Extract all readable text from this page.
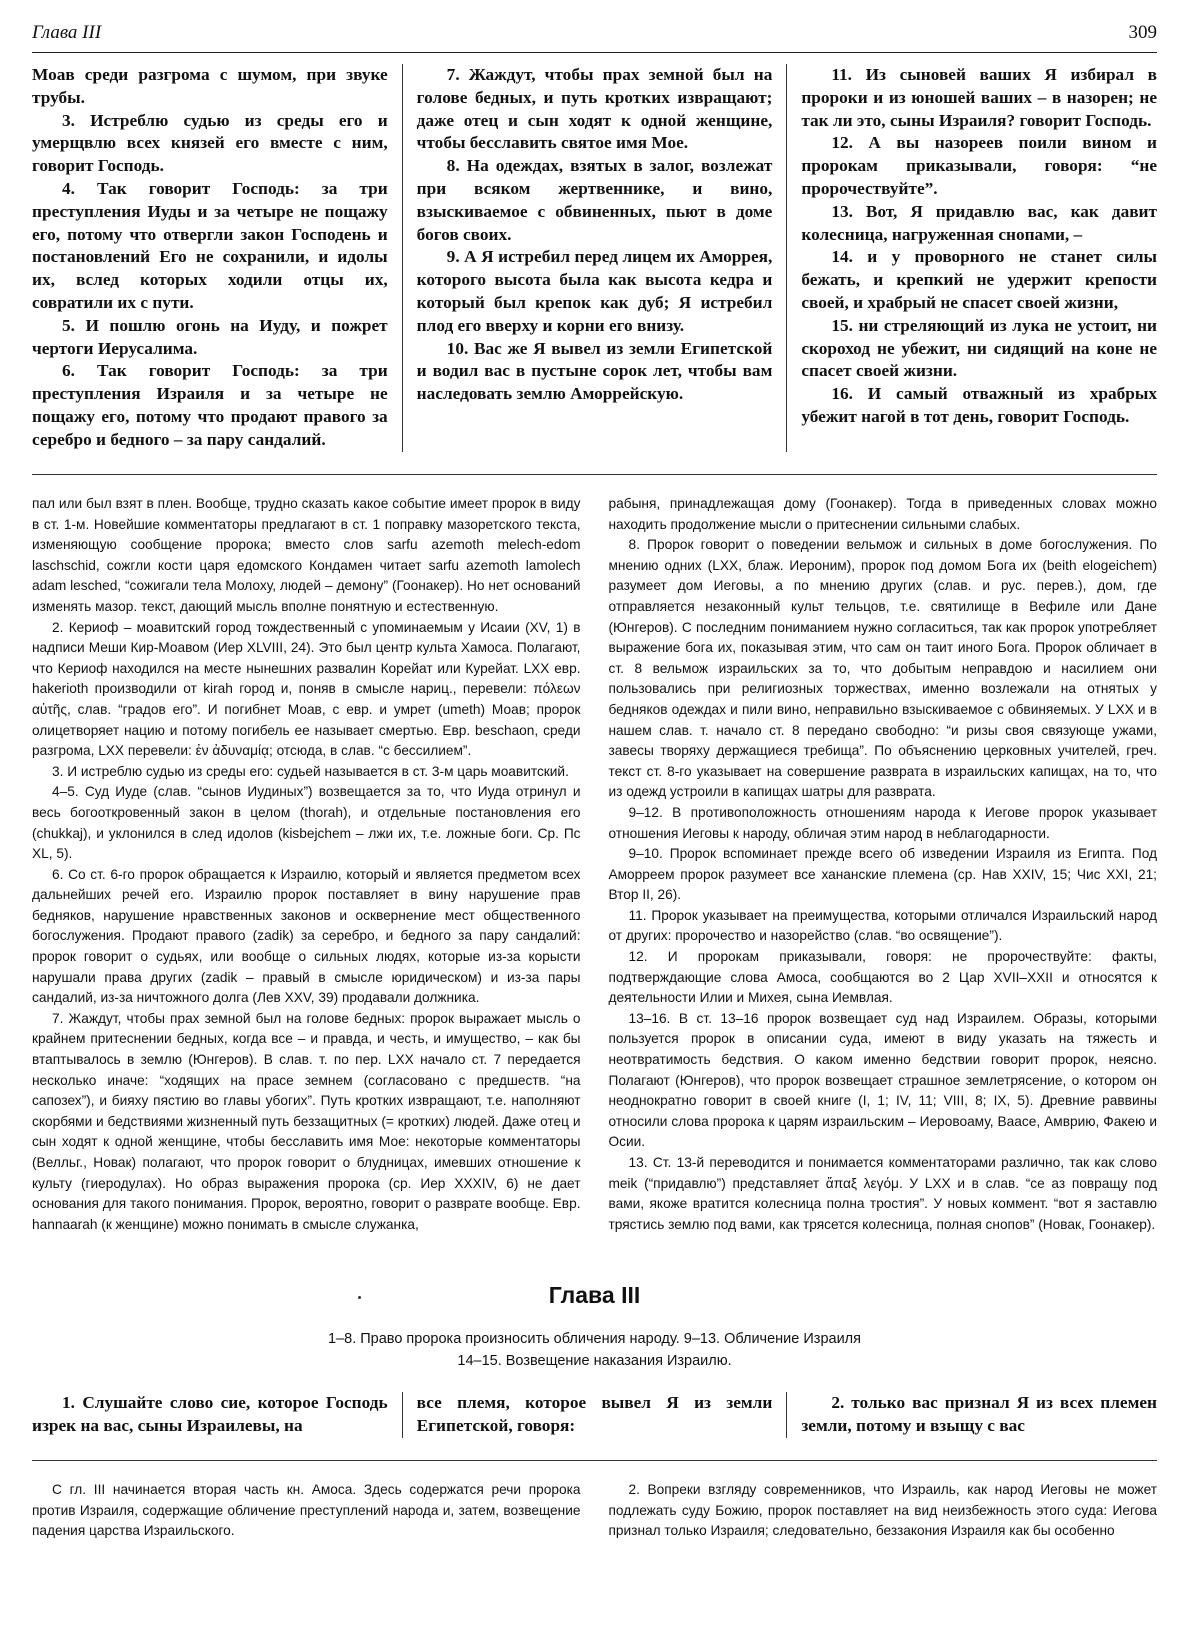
Глава III	309

Моав среди разгрома с шумом, при звуке трубы.

3. Истреблю судью из среды его и умерщвлю всех князей его вместе с ним, говорит Господь.

4. Так говорит Господь: за три преступления Иуды и за четыре не пощажу его, потому что отвергли закон Господень и постановлений Его не сохранили, и идолы их, вслед которых ходили отцы их, совратили их с пути.

5. И пошлю огонь на Иуду, и пожрет чертоги Иерусалима.

6. Так говорит Господь: за три преступления Израиля и за четыре не пощажу его, потому что продают правого за серебро и бедного – за пару сандалий.

7. Жаждут, чтобы прах земной был на голове бедных, и путь кротких извращают; даже отец и сын ходят к одной женщине, чтобы бесславить святое имя Мое.

8. На одеждах, взятых в залог, возлежат при всяком жертвеннике, и вино, взыскиваемое с обвиненных, пьют в доме богов своих.

9. А Я истребил перед лицем их Аморрея, которого высота была как высота кедра и который был крепок как дуб; Я истребил плод его вверху и корни его внизу.

10. Вас же Я вывел из земли Египетской и водил вас в пустыне сорок лет, чтобы вам наследовать землю Аморрейскую.

11. Из сыновей ваших Я избирал в пророки и из юношей ваших – в назорен; не так ли это, сыны Израиля? говорит Господь.

12. А вы назореев поили вином и пророкам приказывали, говоря: “не пророчествуйте”.

13. Вот, Я придавлю вас, как давит колесница, нагруженная снопами, –

14. и у проворного не станет силы бежать, и крепкий не удержит крепости своей, и храбрый не спасет своей жизни,

15. ни стреляющий из лука не устоит, ни скороход не убежит, ни сидящий на коне не спасет своей жизни.

16. И самый отважный из храбрых убежит нагой в тот день, говорит Господь.

пал или был взят в плен. Вообще, трудно сказать какое событие имеет пророк в виду в ст. 1-м. Новейшие комментаторы предлагают в ст. 1 поправку мазоретского текста, изменяющую сообщение пророка; вместо слов sarfu azemoth melech-edom laschschid, сожгли кости царя едомского Кондамен читает sarfu azemoth lamolech adam lesched, “сожигали тела Молоху, людей – демону” (Гоонакер). Но нет оснований изменять мазор. текст, дающий мысль вполне понятную и естественную.

2. Кериоф – моавитский город тождественный с упоминаемым у Исаии (XV, 1) в надписи Меши Кир-Моавом (Иер XLVIII, 24). Это был центр культа Хамоса. Полагают, что Кериоф находился на месте нынешних развалин Корейат или Курейат. LXX евр. hakerioth производили от kirah город и, поняв в смысле нариц., перевели: πόλεων αὐτῆς, слав. “градов его”. И погибнет Моав, с евр. и умрет (umeth) Моав; пророк олицетворяет нацию и потому погибель ее называет смертью. Евр. beschaon, среди разгрома, LXX перевели: ἐν ἀδυναμίᾳ; отсюда, в слав. “с бессилием”.

3. И истреблю судью из среды его: судьей называется в ст. 3-м царь моавитский.

4–5. Суд Иуде (слав. “сынов Иудиных”) возвещается за то, что Иуда отринул и весь богооткровенный закон в целом (thorah), и отдельные постановления его (chukkaj), и уклонился в след идолов (kisbejchem – лжи их, т.е. ложные боги. Ср. Пс XL, 5).

6. Со ст. 6-го пророк обращается к Израилю, который и является предметом всех дальнейших речей его. Израилю пророк поставляет в вину нарушение прав бедняков, нарушение нравственных законов и осквернение мест общественного богослужения. Продают правого (zadik) за серебро, и бедного за пару сандалий: пророк говорит о судьях, или вообще о сильных людях, которые из-за корысти нарушали права других (zadik – правый в смысле юридическом) и из-за пары сандалий, из-за ничтожного долга (Лев XXV, 39) продавали должника.

7. Жаждут, чтобы прах земной был на голове бедных: пророк выражает мысль о крайнем притеснении бедных, когда все – и правда, и честь, и имущество, – как бы втаптывалось в землю (Юнгеров). В слав. т. по пер. LXX начало ст. 7 передается несколько иначе: “ходящих на прасе земнем (согласовано с предшеств. “на сапозех”), и бияху пястию во главы убогих”. Путь кротких извращают, т.е. наполняют скорбями и бедствиями жизненный путь беззащитных (= кротких) людей. Даже отец и сын ходят к одной женщине, чтобы бесславить имя Мое: некоторые комментаторы (Велльг., Новак) полагают, что пророк говорит о блудницах, имевших отношение к культу (гиеродулах). Но образ выражения пророка (ср. Иер XXXIV, 6) не дает основания для такого понимания. Пророк, вероятно, говорит о разврате вообще. Евр. hannaarah (к женщине) можно понимать в смысле служанка,

рабыня, принадлежащая дому (Гоонакер). Тогда в приведенных словах можно находить продолжение мысли о притеснении сильными слабых.

8. Пророк говорит о поведении вельмож и сильных в доме богослужения. По мнению одних (LXX, блаж. Иероним), пророк под домом Бога их (beith elogeichem) разумеет дом Иеговы, а по мнению других (слав. и рус. перев.), дом, где отправляется незаконный культ тельцов, т.е. святилище в Вефиле или Дане (Юнгеров). С последним пониманием нужно согласиться, так как пророк употребляет выражение бога их, показывая этим, что сам он таит иного Бога. Пророк обличает в ст. 8 вельмож израильских за то, что добытым неправдою и насилием они пользовались при религиозных торжествах, именно возлежали на отнятых у бедняков одеждах и пили вино, неправильно взыскиваемое с обвиняемых. У LXX и в нашем слав. т. начало ст. 8 передано свободно: “и ризы своя связующе ужами, завесы творяху держащиеся требища”. По объяснению церковных учителей, греч. текст ст. 8-го указывает на совершение разврата в израильских капищах, на то, что из одежд устроили в капищах шатры для разврата.

9–12. В противоположность отношениям народа к Иегове пророк указывает отношения Иеговы к народу, обличая этим народ в неблагодарности.

9–10. Пророк вспоминает прежде всего об изведении Израиля из Египта. Под Аморреем пророк разумеет все хананские племена (ср. Нав XXIV, 15; Чис XXI, 21; Втор II, 26).

11. Пророк указывает на преимущества, которыми отличался Израильский народ от других: пророчество и назорейство (слав. “во освящение”).

12. И пророкам приказывали, говоря: не пророчествуйте: факты, подтверждающие слова Амоса, сообщаются во 2 Цар XVII–XXII и относятся к деятельности Илии и Михея, сына Иемвлая.

13–16. В ст. 13–16 пророк возвещает суд над Израилем. Образы, которыми пользуется пророк в описании суда, имеют в виду указать на тяжесть и неотвратимость бедствия. О каком именно бедствии говорит пророк, неясно. Полагают (Юнгеров), что пророк возвещает страшное землетрясение, о котором он неоднократно говорит в своей книге (I, 1; IV, 11; VIII, 8; IX, 5). Древние раввины относили слова пророка к царям израильским – Иеровоаму, Ваасе, Амврию, Факею и Осии.

13. Ст. 13-й переводится и понимается комментаторами различно, так как слово meik (“придавлю”) представляет ἅπαξ λεγόμ. У LXX и в слав. “се аз повращу под вами, якоже вратится колесница полна тростия”. У новых коммент. “вот я заставлю трястись землю под вами, как трясется колесница, полная снопов” (Новак, Гоонакер).

Глава III
1–8. Право пророка произносить обличения народу. 9–13. Обличение Израиля
14–15. Возвещение наказания Израилю.

1. Слушайте слово сие, которое Господь изрек на вас, сыны Израилевы, на

все племя, которое вывел Я из земли Египетской, говоря:

2. только вас признал Я из всех племен земли, потому и взыщу с вас

С гл. III начинается вторая часть кн. Амоса. Здесь содержатся речи пророка против Израиля, содержащие обличение преступлений народа и, затем, возвещение падения царства Израильского.

2. Вопреки взгляду современников, что Израиль, как народ Иеговы не может подлежать суду Божию, пророк поставляет на вид неизбежность этого суда: Иегова признал только Израиля; следовательно, беззакония Израиля как бы особенно
